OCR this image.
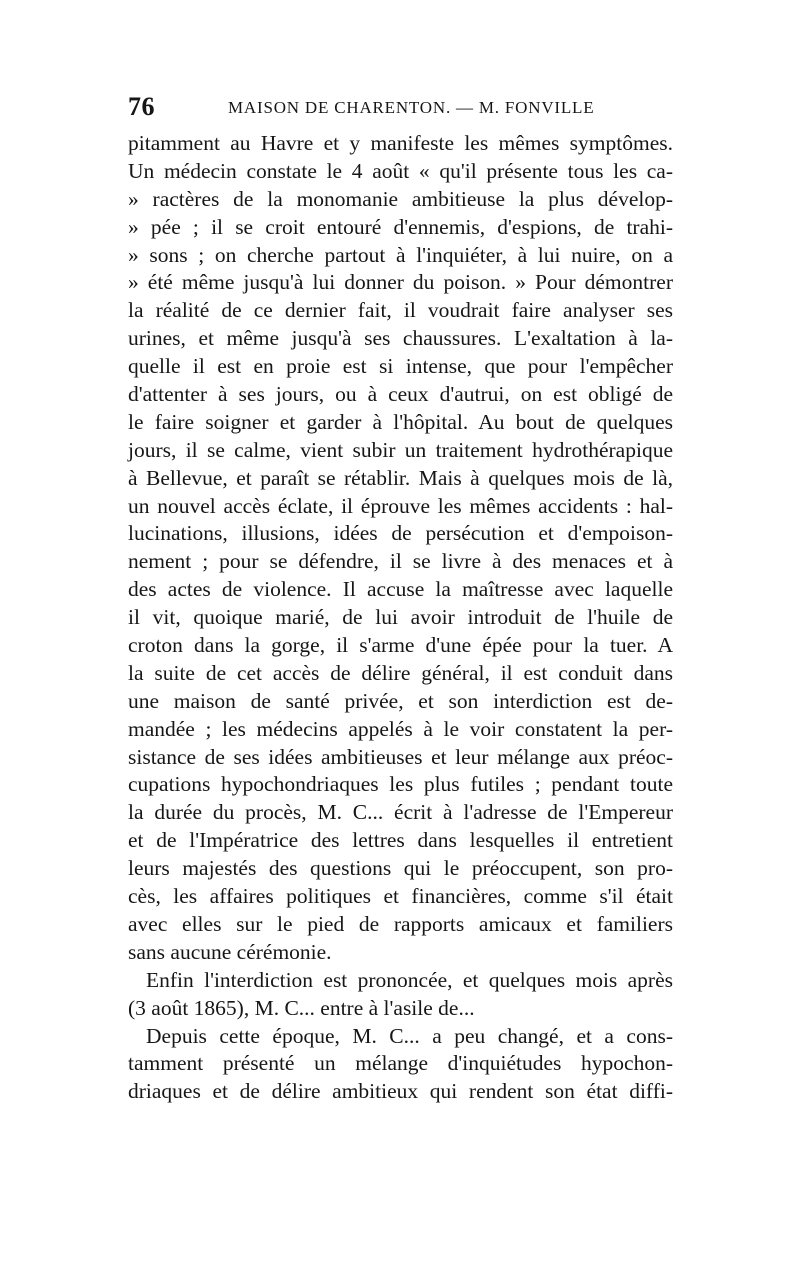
76	MAISON DE CHARENTON. — M. FONVILLE
pitamment au Havre et y manifeste les mêmes symptômes.
Un médecin constate le 4 août « qu'il présente tous les ca-
» ractères de la monomanie ambitieuse la plus dévelop-
» pée ; il se croit entouré d'ennemis, d'espions, de trahi-
» sons ; on cherche partout à l'inquiéter, à lui nuire, on a
» été même jusqu'à lui donner du poison. » Pour démontrer
la réalité de ce dernier fait, il voudrait faire analyser ses
urines, et même jusqu'à ses chaussures. L'exaltation à la-
quelle il est en proie est si intense, que pour l'empêcher
d'attenter à ses jours, ou à ceux d'autrui, on est obligé de
le faire soigner et garder à l'hôpital. Au bout de quelques
jours, il se calme, vient subir un traitement hydrothérapique
à Bellevue, et paraît se rétablir. Mais à quelques mois de là,
un nouvel accès éclate, il éprouve les mêmes accidents : hal-
lucinations, illusions, idées de persécution et d'empoison-
nement ; pour se défendre, il se livre à des menaces et à
des actes de violence. Il accuse la maîtresse avec laquelle
il vit, quoique marié, de lui avoir introduit de l'huile de
croton dans la gorge, il s'arme d'une épée pour la tuer. A
la suite de cet accès de délire général, il est conduit dans
une maison de santé privée, et son interdiction est de-
mandée ; les médecins appelés à le voir constatent la per-
sistance de ses idées ambitieuses et leur mélange aux préoc-
cupations hypochondriaques les plus futiles ; pendant toute
la durée du procès, M. C... écrit à l'adresse de l'Empereur
et de l'Impératrice des lettres dans lesquelles il entretient
leurs majestés des questions qui le préoccupent, son pro-
cès, les affaires politiques et financières, comme s'il était
avec elles sur le pied de rapports amicaux et familiers
sans aucune cérémonie.
Enfin l'interdiction est prononcée, et quelques mois après
(3 août 1865), M. C... entre à l'asile de...
Depuis cette époque, M. C... a peu changé, et a cons-
tamment présenté un mélange d'inquiétudes hypochon-
driaques et de délire ambitieux qui rendent son état diffi-
